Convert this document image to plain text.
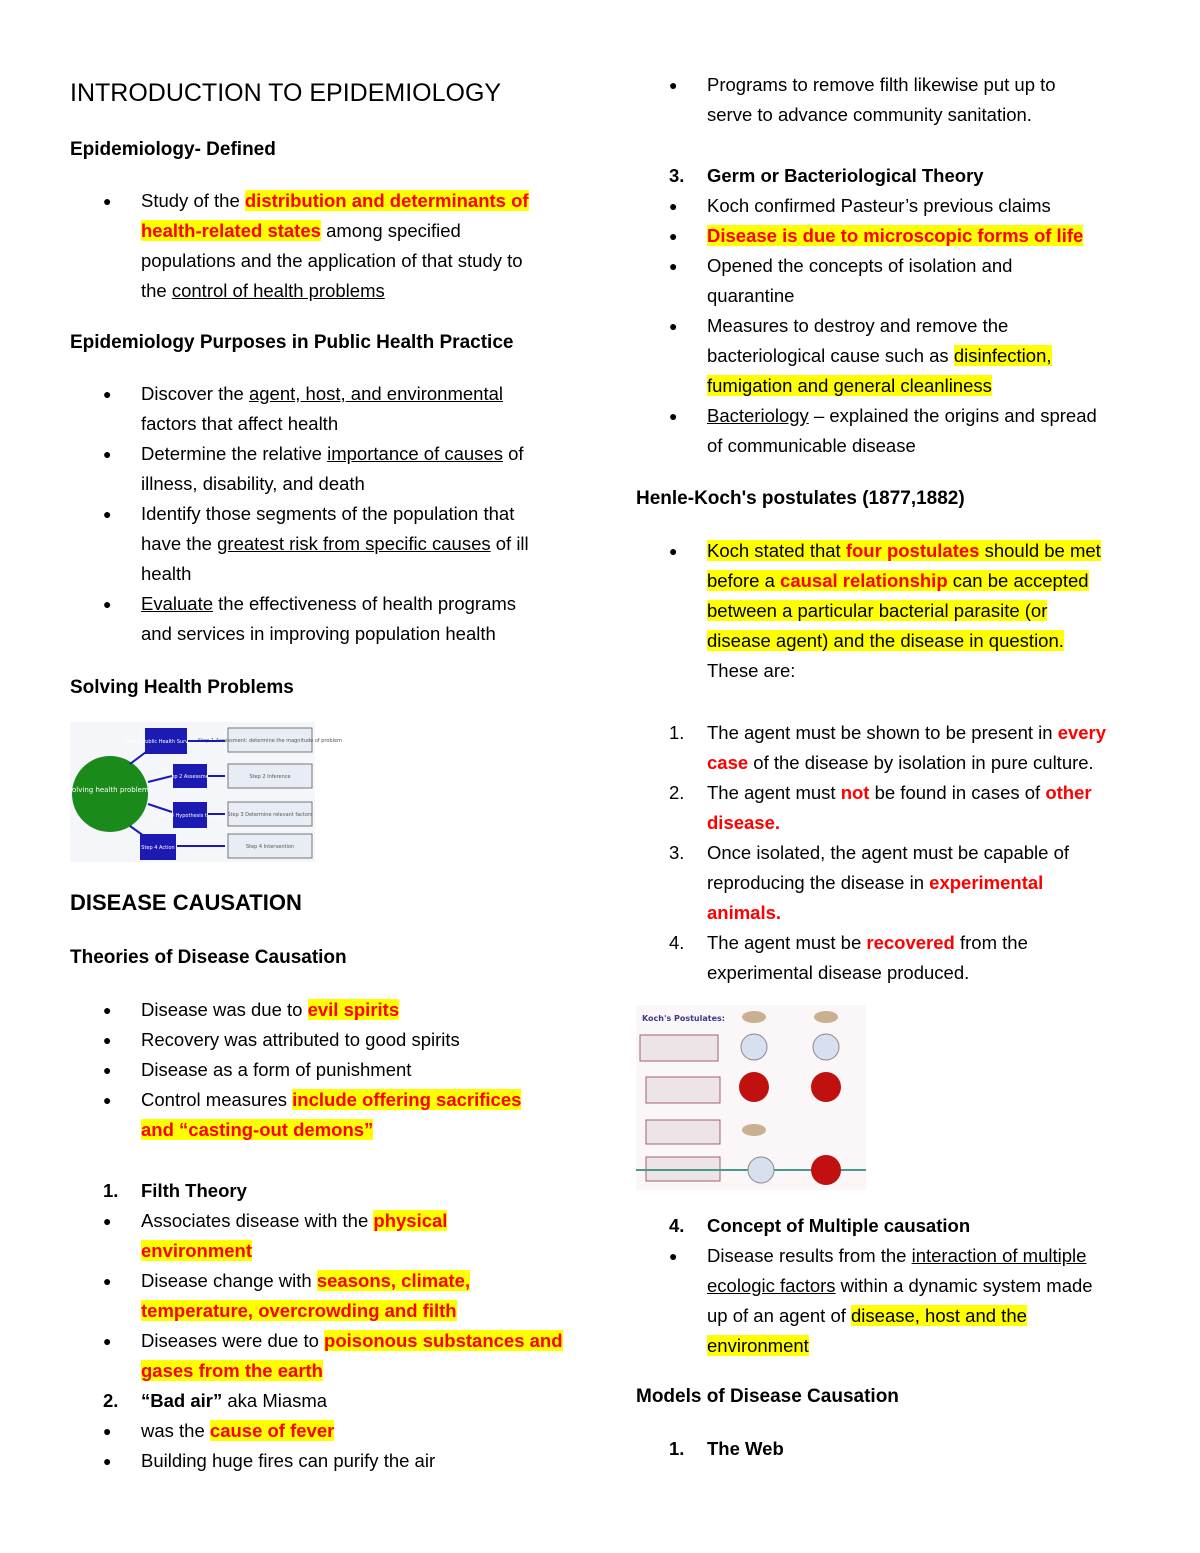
INTRODUCTION TO EPIDEMIOLOGY
Epidemiology- Defined
● Study of the distribution and determinants of
health-related states among specified
populations and the application of that study to
the control of health problems
Epidemiology Purposes in Public Health Practice
● Discover the agent, host, and environmental
factors that affect health
● Determine the relative importance of causes of
illness, disability, and death
● Identify those segments of the population that
have the greatest risk from specific causes of ill
health
● Evaluate the effectiveness of health programs
and services in improving population health
Solving Health Problems
Solving health problems
Step 1 Public Health Surveillance
Step 2 Assessment
Step 3 Hypothesis testing
Step 4 Action
Step 1 Assessment: determine the magnitude of problem
Step 2 Inference
Step 3 Determine relevant factors
Step 4 Intervention
DISEASE CAUSATION
Theories of Disease Causation
● Disease was due to evil spirits
● Recovery was attributed to good spirits
● Disease as a form of punishment
● Control measures include offering sacrifices
and “casting-out demons”
1. Filth Theory
● Associates disease with the physical
environment
● Disease change with seasons, climate,
temperature, overcrowding and filth
● Diseases were due to poisonous substances and
gases from the earth
2. “Bad air” aka Miasma
● was the cause of fever
● Building huge fires can purify the air
● Programs to remove filth likewise put up to
serve to advance community sanitation.
3. Germ or Bacteriological Theory
● Koch confirmed Pasteur’s previous claims
● Disease is due to microscopic forms of life
● Opened the concepts of isolation and
quarantine
● Measures to destroy and remove the
bacteriological cause such as disinfection,
fumigation and general cleanliness
● Bacteriology – explained the origins and spread
of communicable disease
Henle-Koch's postulates (1877,1882)
● Koch stated that four postulates should be met
before a causal relationship can be accepted
between a particular bacterial parasite (or
disease agent) and the disease in question.
These are:
1. The agent must be shown to be present in every
case of the disease by isolation in pure culture.
2. The agent must not be found in cases of other
disease.
3. Once isolated, the agent must be capable of
reproducing the disease in experimental
animals.
4. The agent must be recovered from the
experimental disease produced.
Koch's Postulates:
4. Concept of Multiple causation
● Disease results from the interaction of multiple
ecologic factors within a dynamic system made
up of an agent of disease, host and the
environment
Models of Disease Causation
1. The Web
